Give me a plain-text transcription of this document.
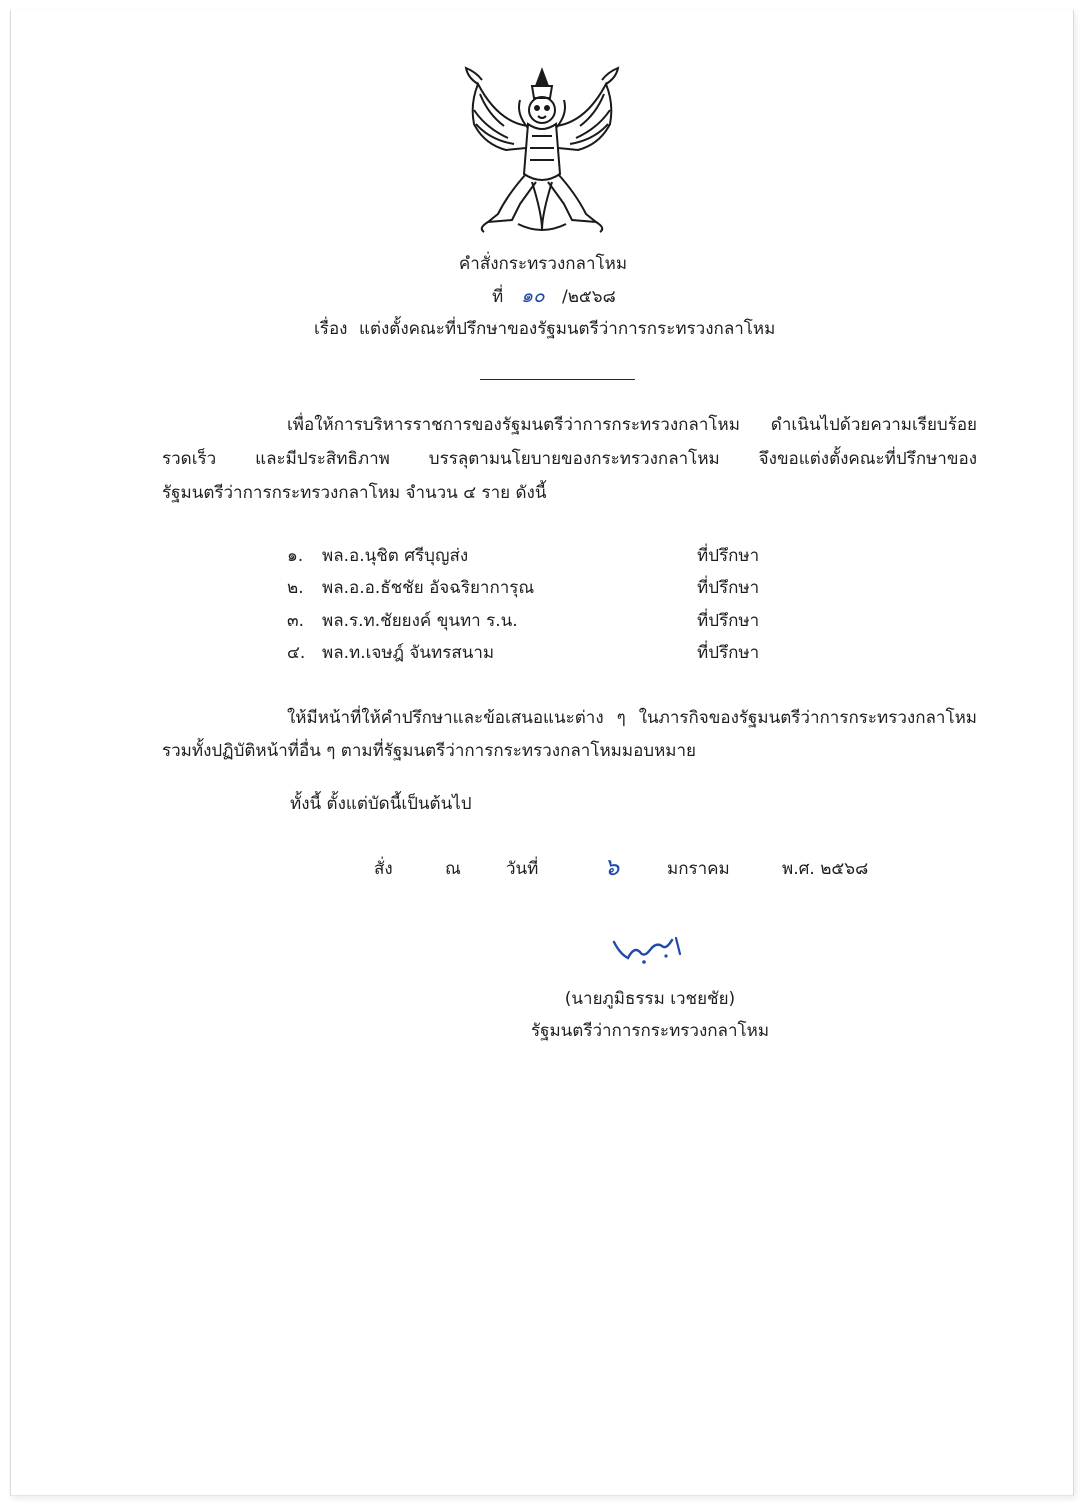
คำสั่งกระทรวงกลาโหม
ที่ ๑๐ /๒๕๖๘
เรื่อง แต่งตั้งคณะที่ปรึกษาของรัฐมนตรีว่าการกระทรวงกลาโหม
เพื่อให้การบริหารราชการของรัฐมนตรีว่าการกระทรวงกลาโหม ดำเนินไปด้วยความเรียบร้อย
รวดเร็ว และมีประสิทธิภาพ บรรลุตามนโยบายของกระทรวงกลาโหม จึงขอแต่งตั้งคณะที่ปรึกษาของ
รัฐมนตรีว่าการกระทรวงกลาโหม จำนวน ๔ ราย ดังนี้
๑. พล.อ.นุชิต ศรีบุญส่ง	ที่ปรึกษา
๒. พล.อ.อ.ธัชชัย อัจฉริยาการุณ	ที่ปรึกษา
๓. พล.ร.ท.ชัยยงค์ ขุนทา ร.น.	ที่ปรึกษา
๔. พล.ท.เจษฎ์ จันทรสนาม	ที่ปรึกษา
ให้มีหน้าที่ให้คำปรึกษาและข้อเสนอแนะต่าง ๆ ในภารกิจของรัฐมนตรีว่าการกระทรวงกลาโหม
รวมทั้งปฏิบัติหน้าที่อื่น ๆ ตามที่รัฐมนตรีว่าการกระทรวงกลาโหมมอบหมาย
ทั้งนี้ ตั้งแต่บัดนี้เป็นต้นไป
สั่ง	ณ	วันที่	๖	มกราคม	พ.ศ. ๒๕๖๘
(นายภูมิธรรม เวชยชัย)
รัฐมนตรีว่าการกระทรวงกลาโหม
